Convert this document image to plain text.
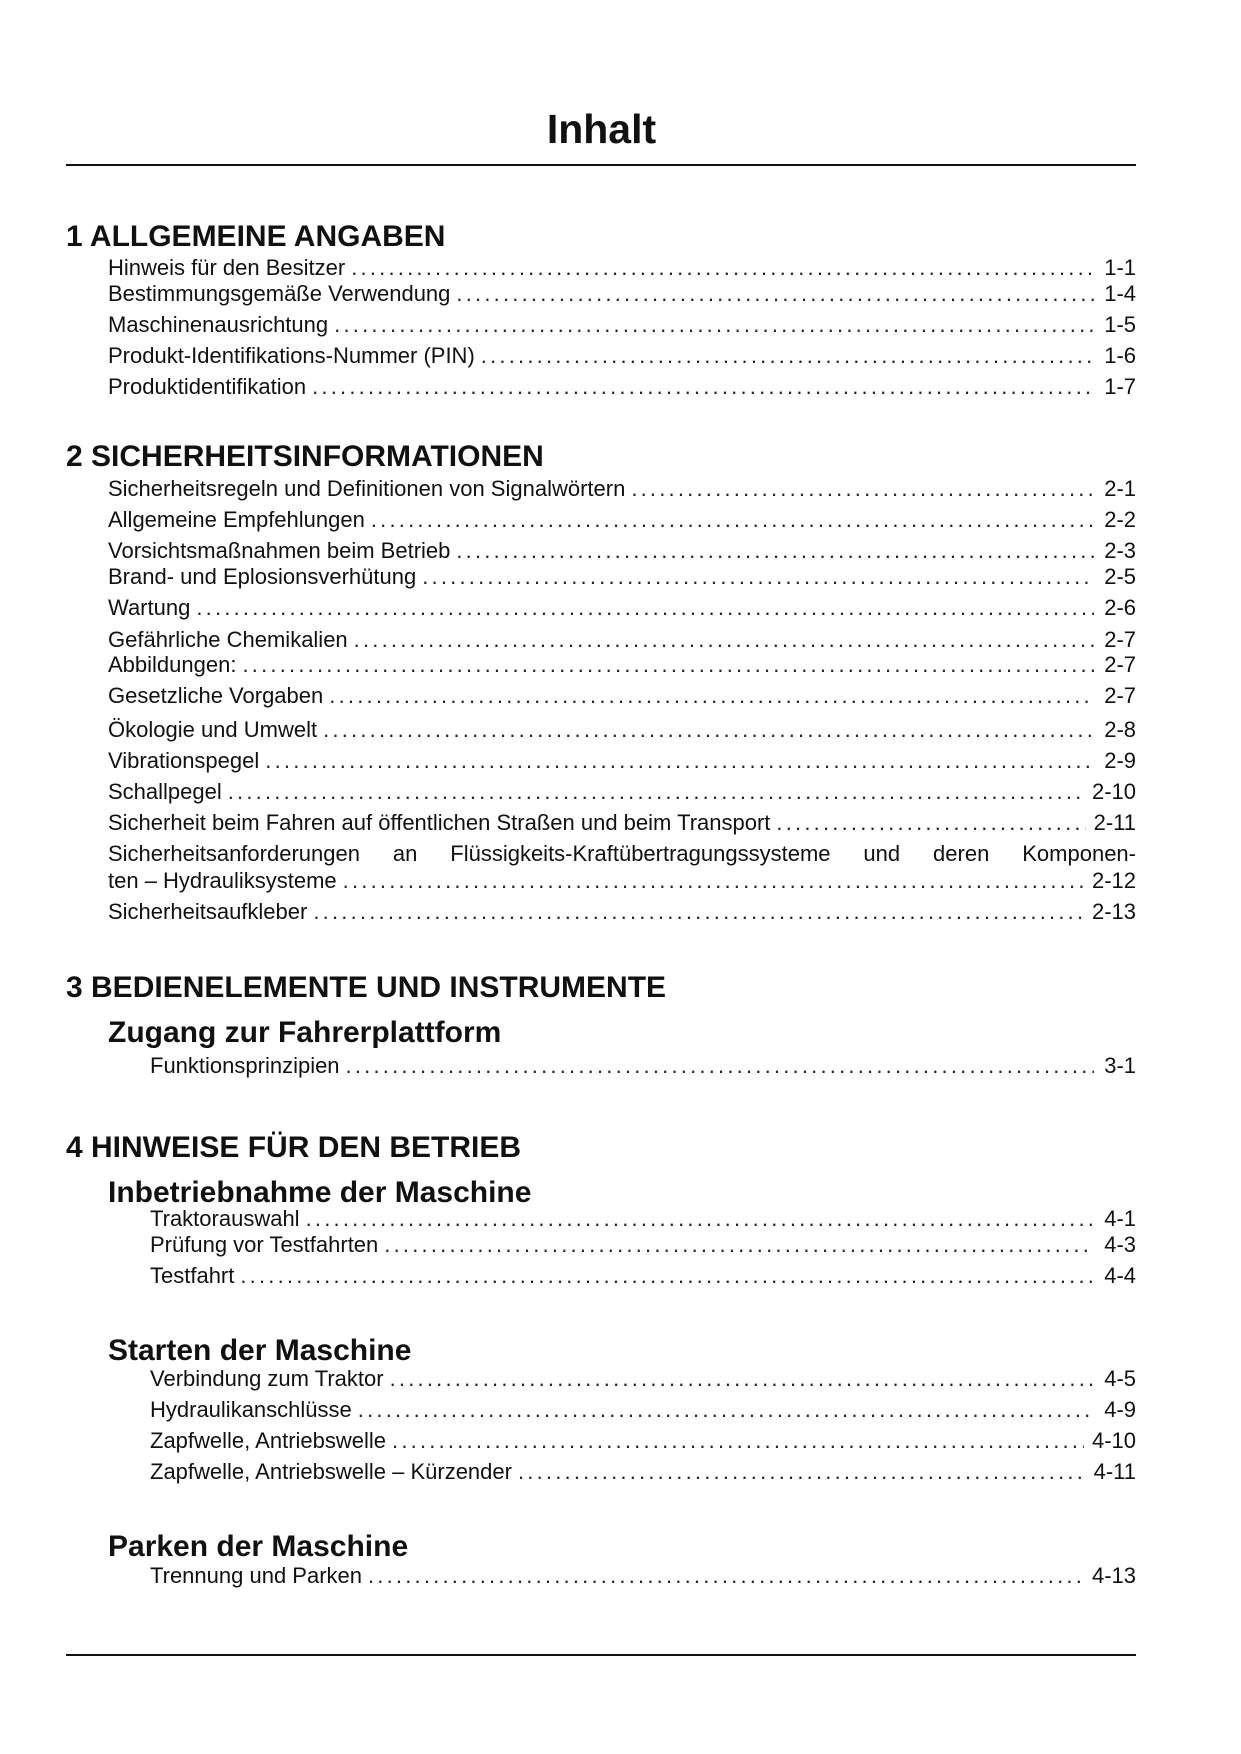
Inhalt
1 ALLGEMEINE ANGABEN
Hinweis für den Besitzer .....	1-1
Bestimmungsgemäße Verwendung .....	1-4
Maschinenausrichtung .....	1-5
Produkt-Identifikations-Nummer (PIN) .....	1-6
Produktidentifikation .....	1-7
2 SICHERHEITSINFORMATIONEN
Sicherheitsregeln und Definitionen von Signalwörtern .....	2-1
Allgemeine Empfehlungen .....	2-2
Vorsichtsmaßnahmen beim Betrieb .....	2-3
Brand- und Eplosionsverhütung .....	2-5
Wartung .....	2-6
Gefährliche Chemikalien .....	2-7
Abbildungen: .....	2-7
Gesetzliche Vorgaben .....	2-7
Ökologie und Umwelt .....	2-8
Vibrationspegel .....	2-9
Schallpegel .....	2-10
Sicherheit beim Fahren auf öffentlichen Straßen und beim Transport .....	2-11
Sicherheitsanforderungen an Flüssigkeits-Kraftübertragungssysteme und deren Komponen-
ten – Hydrauliksysteme .....	2-12
Sicherheitsaufkleber .....	2-13
3 BEDIENELEMENTE UND INSTRUMENTE
Zugang zur Fahrerplattform
Funktionsprinzipien .....	3-1
4 HINWEISE FÜR DEN BETRIEB
Inbetriebnahme der Maschine
Traktorauswahl .....	4-1
Prüfung vor Testfahrten .....	4-3
Testfahrt .....	4-4
Starten der Maschine
Verbindung zum Traktor .....	4-5
Hydraulikanschlüsse .....	4-9
Zapfwelle, Antriebswelle .....	4-10
Zapfwelle, Antriebswelle – Kürzender .....	4-11
Parken der Maschine
Trennung und Parken .....	4-13
